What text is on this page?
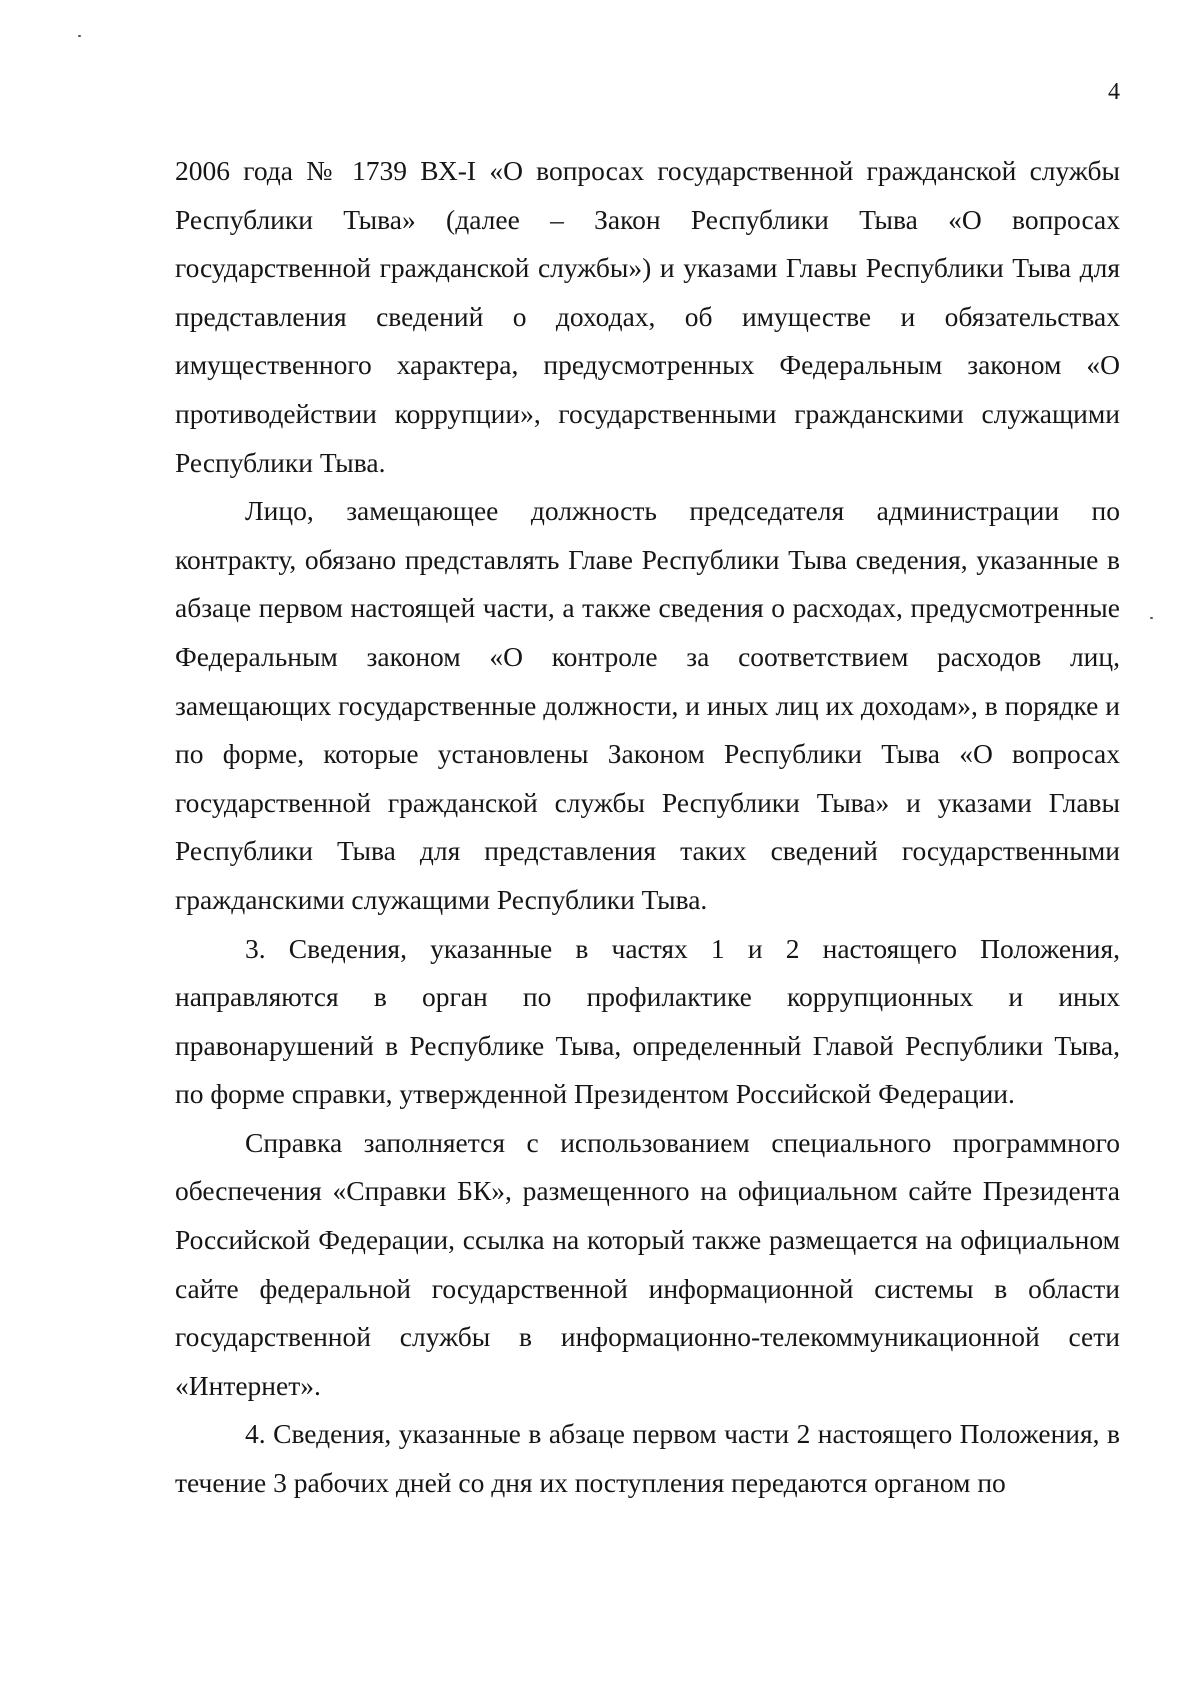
4

2006 года № 1739 ВХ-I «О вопросах государственной гражданской службы Республики Тыва» (далее – Закон Республики Тыва «О вопросах государственной гражданской службы») и указами Главы Республики Тыва для представления сведений о доходах, об имуществе и обязательствах имущественного характера, предусмотренных Федеральным законом «О противодействии коррупции», государственными гражданскими служащими Республики Тыва.

Лицо, замещающее должность председателя администрации по контракту, обязано представлять Главе Республики Тыва сведения, указанные в абзаце первом настоящей части, а также сведения о расходах, предусмотренные Федеральным законом «О контроле за соответствием расходов лиц, замещающих государственные должности, и иных лиц их доходам», в порядке и по форме, которые установлены Законом Республики Тыва «О вопросах государственной гражданской службы Республики Тыва» и указами Главы Республики Тыва для представления таких сведений государственными гражданскими служащими Республики Тыва.

3. Сведения, указанные в частях 1 и 2 настоящего Положения, направляются в орган по профилактике коррупционных и иных правонарушений в Республике Тыва, определенный Главой Республики Тыва, по форме справки, утвержденной Президентом Российской Федерации.

Справка заполняется с использованием специального программного обеспечения «Справки БК», размещенного на официальном сайте Президента Российской Федерации, ссылка на который также размещается на официальном сайте федеральной государственной информационной системы в области государственной службы в информационно-телекоммуникационной сети «Интернет».

4. Сведения, указанные в абзаце первом части 2 настоящего Положения, в течение 3 рабочих дней со дня их поступления передаются органом по
